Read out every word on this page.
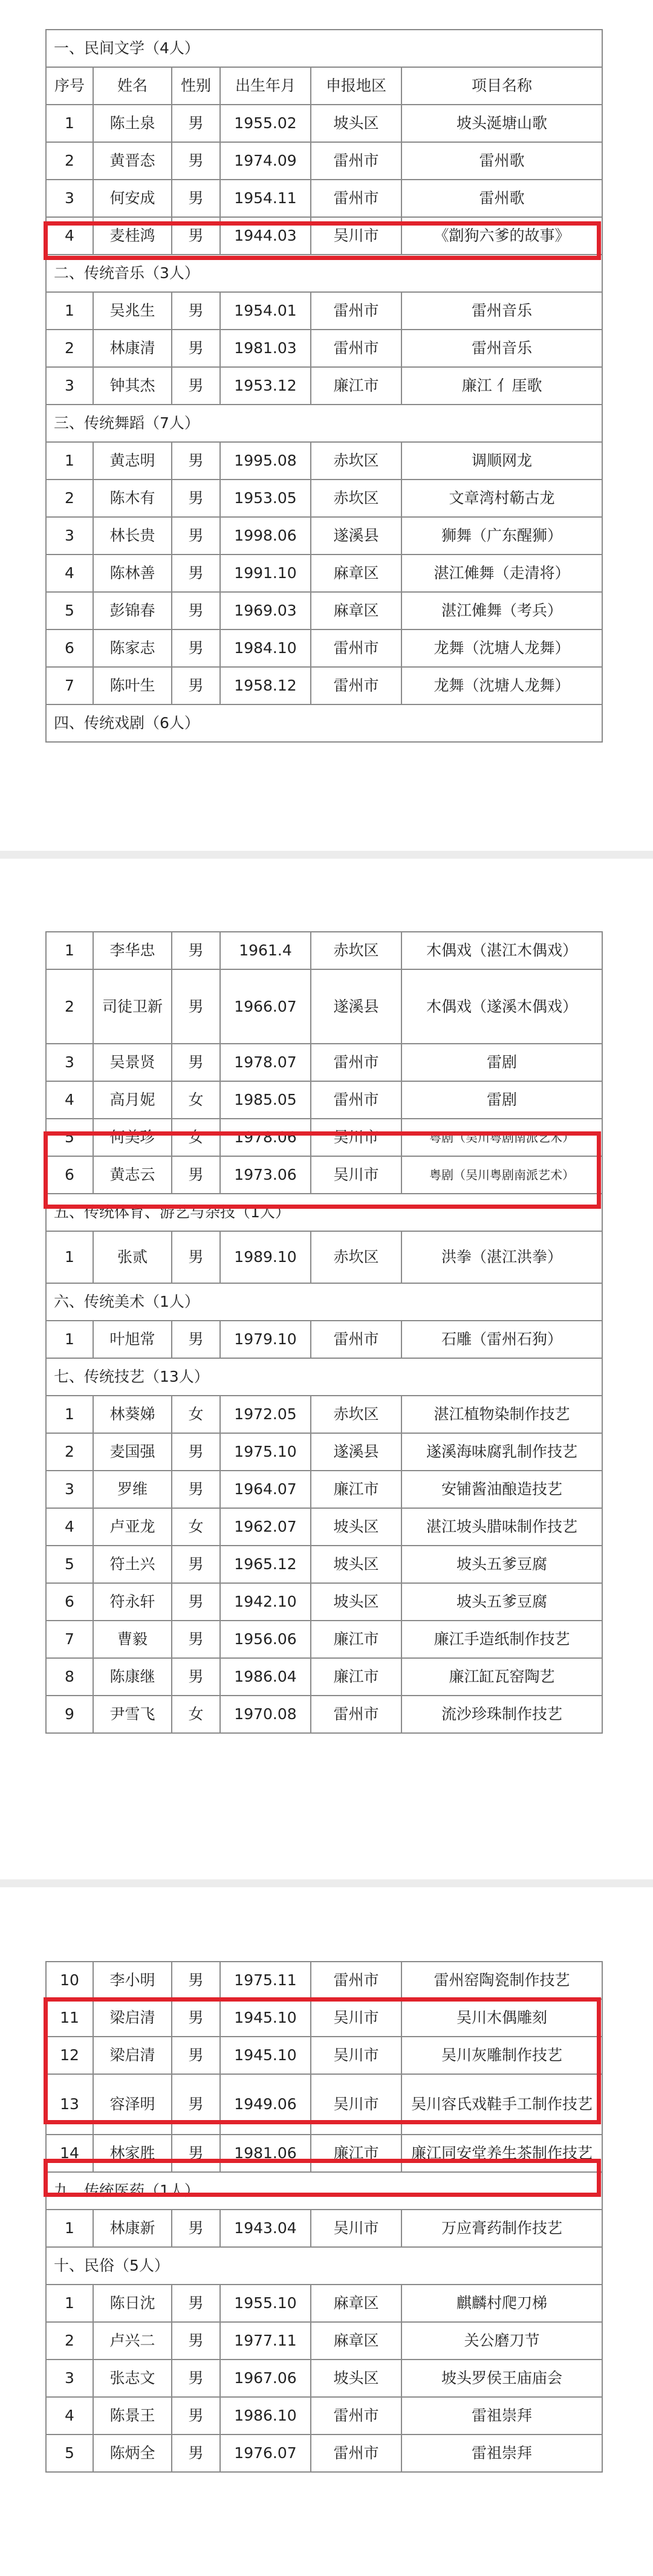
一、民间文学（4人）					
序号	姓名	性别	出生年月	申报地区	项目名称
1	陈土泉	男	1955.02	坡头区	坡头涎塘山歌
2	黄晋态	男	1974.09	雷州市	雷州歌
3	何安成	男	1954.11	雷州市	雷州歌
4	麦桂鸿	男	1944.03	吴川市	《劏狗六爹的故事》
二、传统音乐（3人）					
1	吴兆生	男	1954.01	雷州市	雷州音乐
2	林康清	男	1981.03	雷州市	雷州音乐
3	钟其杰	男	1953.12	廉江市	廉江 亻厓歌
三、传统舞蹈（7人）					
1	黄志明	男	1995.08	赤坎区	调顺网龙
2	陈木有	男	1953.05	赤坎区	文章湾村簕古龙
3	林长贵	男	1998.06	遂溪县	狮舞（广东醒狮）
4	陈林善	男	1991.10	麻章区	湛江傩舞（走清将）
5	彭锦春	男	1969.03	麻章区	湛江傩舞（考兵）
6	陈家志	男	1984.10	雷州市	龙舞（沈塘人龙舞）
7	陈叶生	男	1958.12	雷州市	龙舞（沈塘人龙舞）
四、传统戏剧（6人）					
1	李华忠	男	1961.4	赤坎区	木偶戏（湛江木偶戏）
2	司徒卫新	男	1966.07	遂溪县	木偶戏（遂溪木偶戏）
3	吴景贤	男	1978.07	雷州市	雷剧
4	高月妮	女	1985.05	雷州市	雷剧
5	何美珍	女	1978.06	吴川市	粤剧（吴川粤剧南派艺术）
6	黄志云	男	1973.06	吴川市	粤剧（吴川粤剧南派艺术）
五、传统体育、游艺与杂技（1人）					
1	张贰	男	1989.10	赤坎区	洪拳（湛江洪拳）
六、传统美术（1人）					
1	叶旭常	男	1979.10	雷州市	石雕（雷州石狗）
七、传统技艺（13人）					
1	林葵娣	女	1972.05	赤坎区	湛江植物染制作技艺
2	麦国强	男	1975.10	遂溪县	遂溪海味腐乳制作技艺
3	罗维	男	1964.07	廉江市	安铺酱油酿造技艺
4	卢亚龙	女	1962.07	坡头区	湛江坡头腊味制作技艺
5	符土兴	男	1965.12	坡头区	坡头五爹豆腐
6	符永轩	男	1942.10	坡头区	坡头五爹豆腐
7	曹毅	男	1956.06	廉江市	廉江手造纸制作技艺
8	陈康继	男	1986.04	廉江市	廉江缸瓦窑陶艺
9	尹雪飞	女	1970.08	雷州市	流沙珍珠制作技艺
10	李小明	男	1975.11	雷州市	雷州窑陶瓷制作技艺
11	梁启清	男	1945.10	吴川市	吴川木偶雕刻
12	梁启清	男	1945.10	吴川市	吴川灰雕制作技艺
13	容泽明	男	1949.06	吴川市	吴川容氏戏鞋手工制作技艺
14	林家胜	男	1981.06	廉江市	廉江同安堂养生茶制作技艺
九、传统医药（1人）					
1	林康新	男	1943.04	吴川市	万应膏药制作技艺
十、民俗（5人）					
1	陈日沈	男	1955.10	麻章区	麒麟村爬刀梯
2	卢兴二	男	1977.11	麻章区	关公磨刀节
3	张志文	男	1967.06	坡头区	坡头罗侯王庙庙会
4	陈景王	男	1986.10	雷州市	雷祖崇拜
5	陈炳全	男	1976.07	雷州市	雷祖崇拜
